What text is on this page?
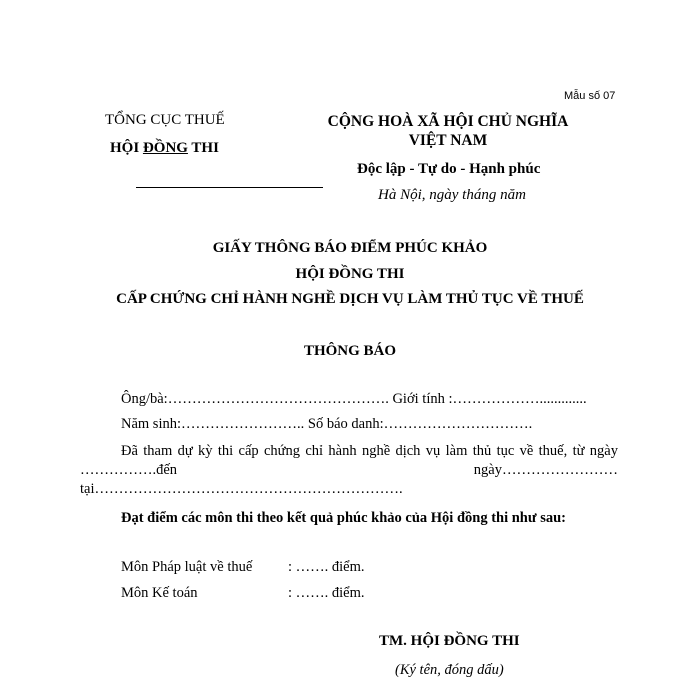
Mẫu số 07
TỔNG CỤC THUẾ
HỘI ĐỒNG THI
CỘNG HOÀ XÃ HỘI CHỦ NGHĨA VIỆT NAM
Độc lập - Tự do - Hạnh phúc
Hà Nội, ngày tháng năm
GIẤY THÔNG BÁO ĐIỂM PHÚC KHẢO
HỘI ĐỒNG THI
CẤP CHỨNG CHỈ HÀNH NGHỀ DỊCH VỤ LÀM THỦ TỤC VỀ THUẾ
THÔNG BÁO
Ông/bà:………………………………………. Giới tính :……………….............
Năm sinh:…………………….. Số báo danh:………………………….
Đã tham dự kỳ thi cấp chứng chỉ hành nghề dịch vụ làm thủ tục về thuế, từ ngày …………….đến ngày……………………tại……………………………………………………….
Đạt điểm các môn thi theo kết quả phúc khảo của Hội đồng thi như sau:
Môn Pháp luật về thuế : ……. điểm.
Môn Kế toán	: ……. điểm.
TM. HỘI ĐỒNG THI
(Ký tên, đóng dấu)
